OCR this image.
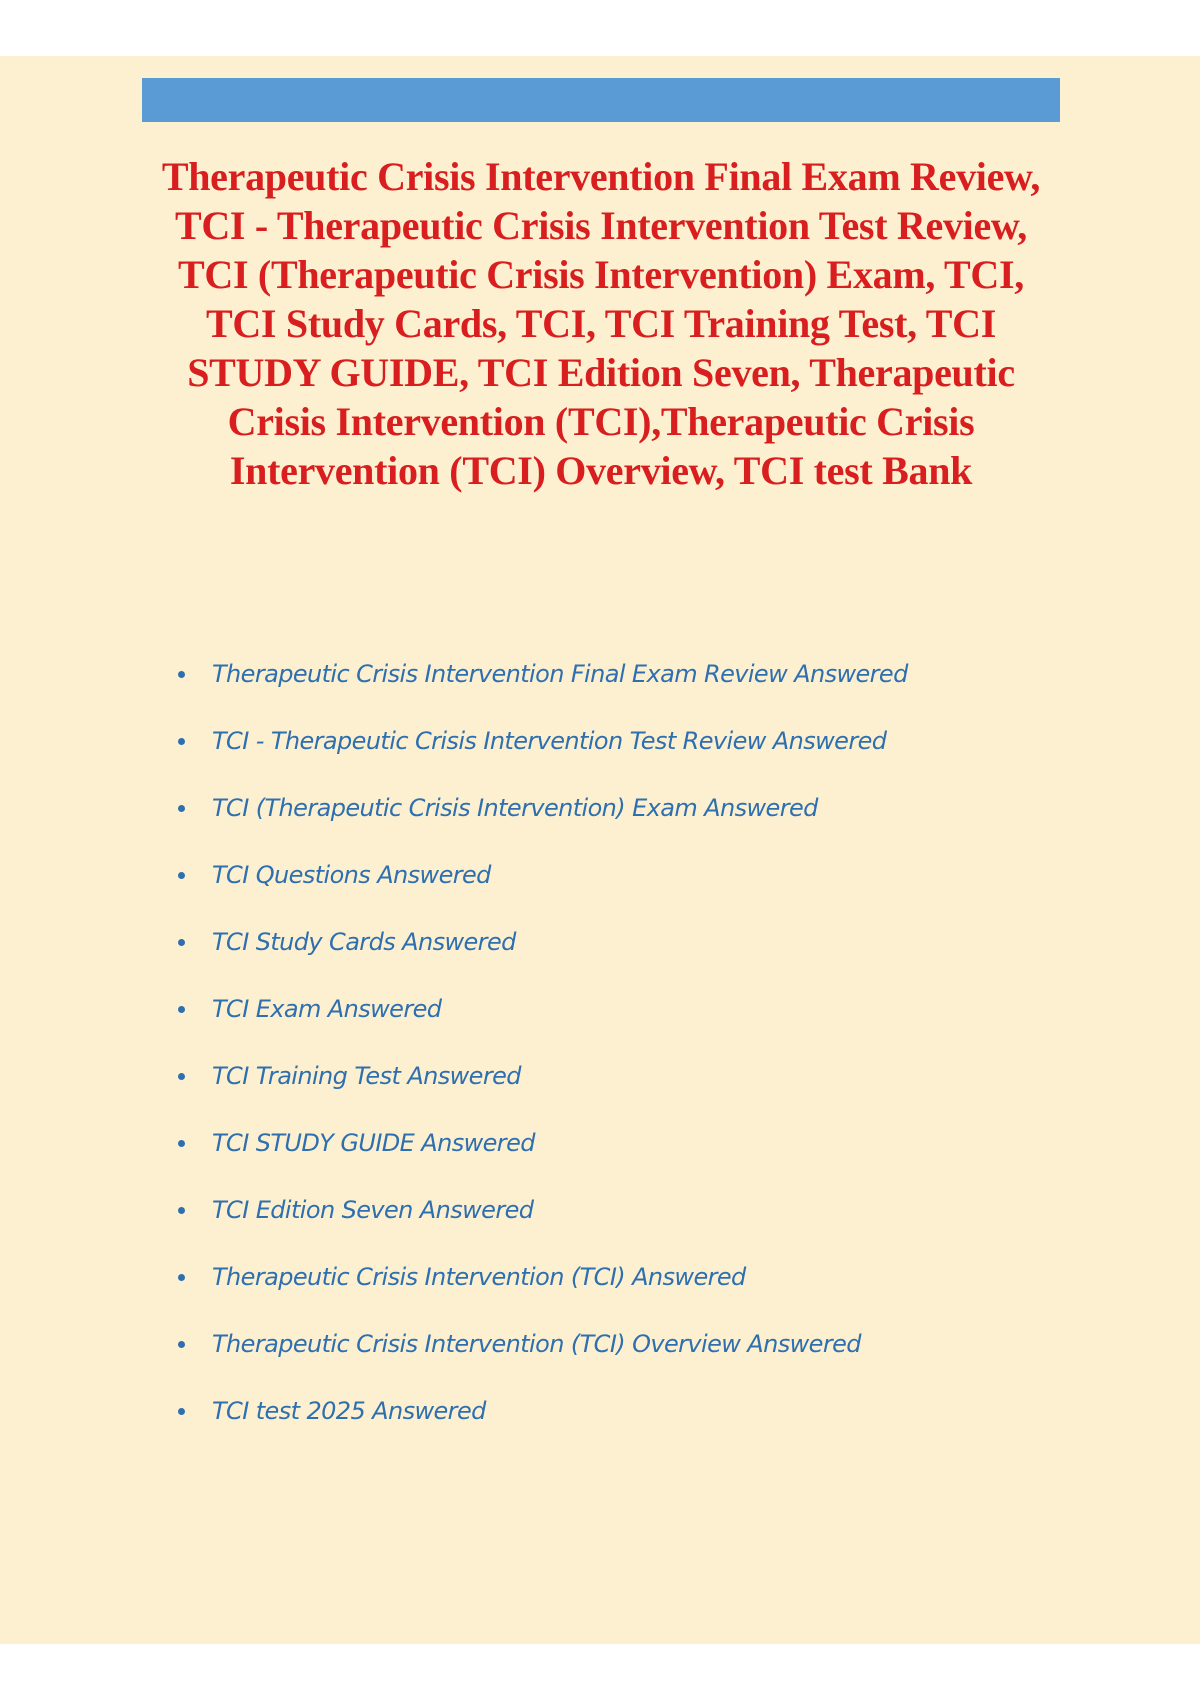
Therapeutic Crisis Intervention Final Exam Review, TCI - Therapeutic Crisis Intervention Test Review, TCI (Therapeutic Crisis Intervention) Exam, TCI, TCI Study Cards, TCI, TCI Training Test, TCI STUDY GUIDE, TCI Edition Seven, Therapeutic Crisis Intervention (TCI),Therapeutic Crisis Intervention (TCI) Overview, TCI test Bank
Therapeutic Crisis Intervention Final Exam Review Answered
TCI - Therapeutic Crisis Intervention Test Review Answered
TCI (Therapeutic Crisis Intervention) Exam Answered
TCI Questions Answered
TCI Study Cards Answered
TCI Exam Answered
TCI Training Test Answered
TCI STUDY GUIDE Answered
TCI Edition Seven Answered
Therapeutic Crisis Intervention (TCI) Answered
Therapeutic Crisis Intervention (TCI) Overview Answered
TCI test 2025 Answered
